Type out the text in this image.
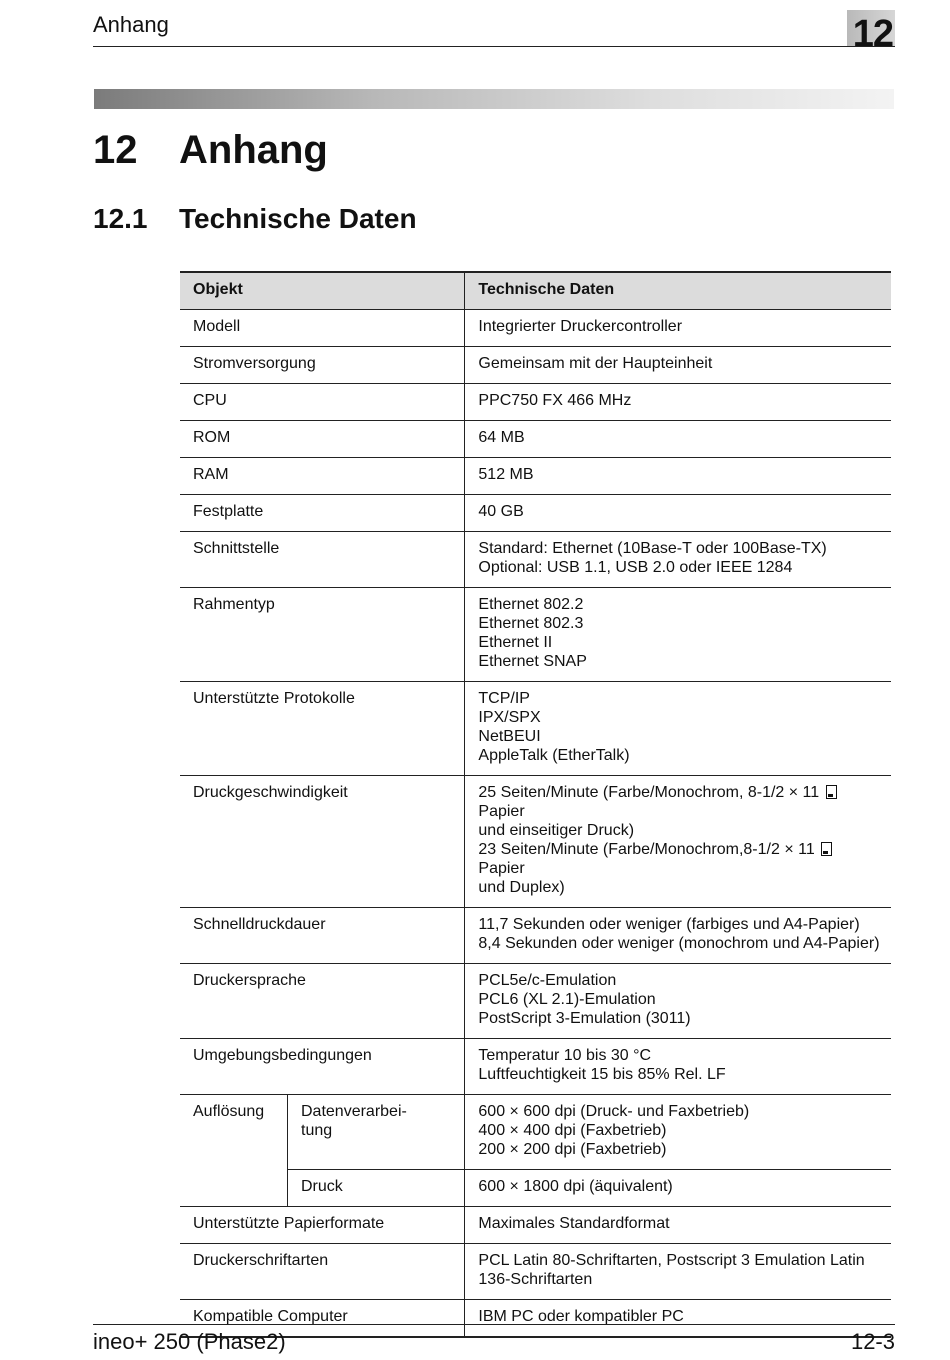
Anhang	12
12 Anhang
12.1 Technische Daten
Objekt		Technische Daten
Modell		Integrierter Druckercontroller

Stromversorgung		Gemeinsam mit der Haupteinheit

CPU		PPC750 FX 466 MHz

ROM		64 MB

RAM		512 MB

Festplatte		40 GB

Schnittstelle		Standard: Ethernet (10Base-T oder 100Base-TX)
Optional: USB 1.1, USB 2.0 oder IEEE 1284

Rahmentyp		Ethernet 802.2
Ethernet 802.3
Ethernet II
Ethernet SNAP

Unterstützte Protokolle		TCP/IP
IPX/SPX
NetBEUI
AppleTalk (EtherTalk)

Druckgeschwindigkeit		25 Seiten/Minute (Farbe/Monochrom, 8-1/2 × 11  Papier
und einseitiger Druck)
23 Seiten/Minute (Farbe/Monochrom,8-1/2 × 11  Papier
und Duplex)

Schnelldruckdauer		11,7 Sekunden oder weniger (farbiges und A4-Papier)
8,4 Sekunden oder weniger (monochrom und A4-Papier)

Druckersprache		PCL5e/c-Emulation
PCL6 (XL 2.1)-Emulation
PostScript 3-Emulation (3011)

Umgebungsbedingungen		Temperatur 10 bis 30 °C
Luftfeuchtigkeit 15 bis 85% Rel. LF

Auflösung	Datenverarbei-
tung	600 × 600 dpi (Druck- und Faxbetrieb)
400 × 400 dpi (Faxbetrieb)
200 × 200 dpi (Faxbetrieb)

	Druck	600 × 1800 dpi (äquivalent)

Unterstützte Papierformate		Maximales Standardformat

Druckerschriftarten		PCL Latin 80-Schriftarten, Postscript 3 Emulation Latin
136-Schriftarten

Kompatible Computer		IBM PC oder kompatibler PC
ineo+ 250 (Phase2)	12-3
